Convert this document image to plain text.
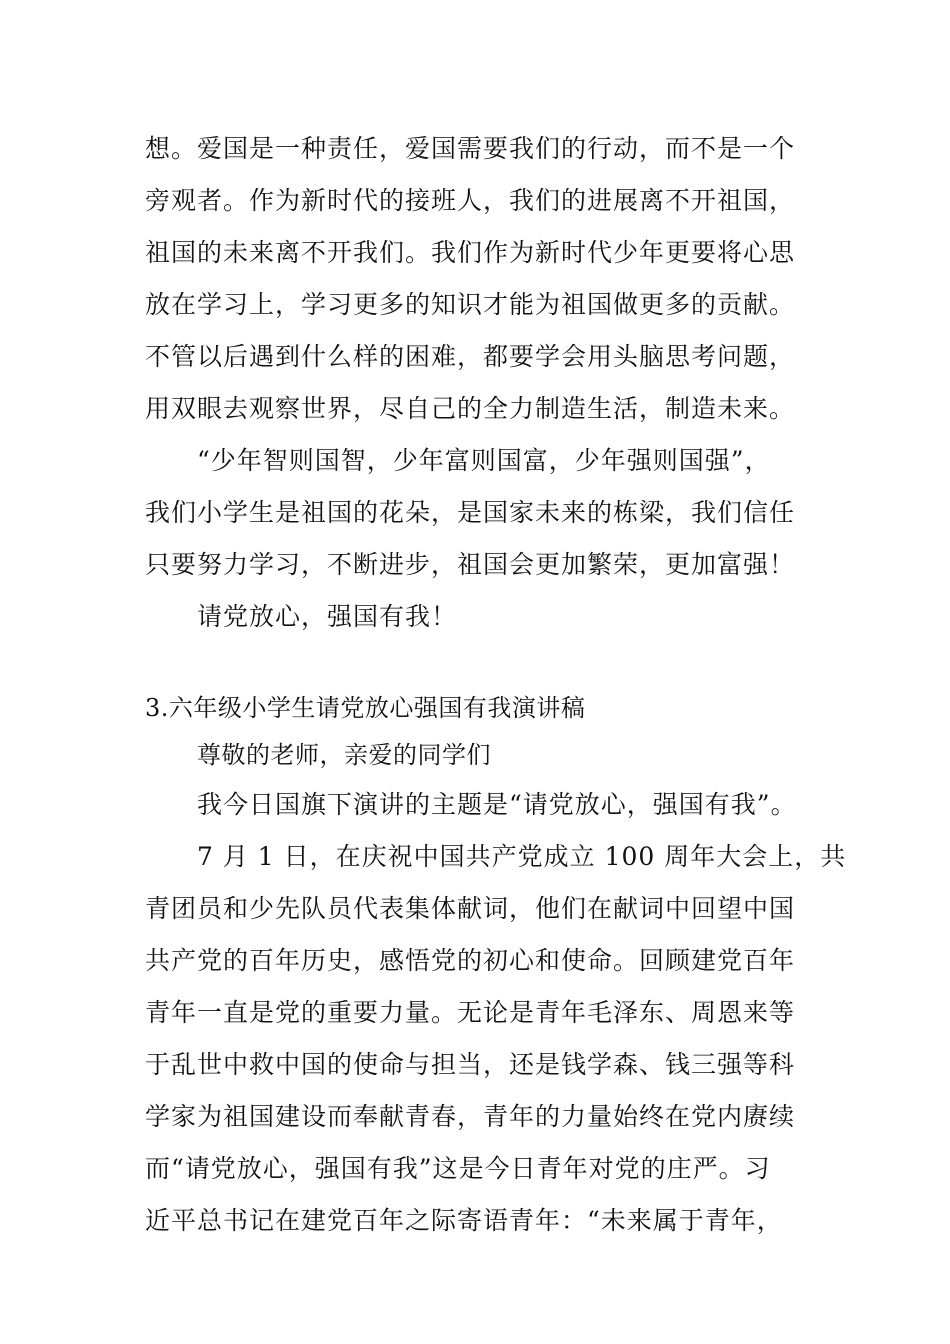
想。爱国是一种责任，爱国需要我们的行动，而不是一个
旁观者。作为新时代的接班人，我们的进展离不开祖国，
祖国的未来离不开我们。我们作为新时代少年更要将心思
放在学习上，学习更多的知识才能为祖国做更多的贡献。
不管以后遇到什么样的困难，都要学会用头脑思考问题，
用双眼去观察世界，尽自己的全力制造生活，制造未来。
“少年智则国智，少年富则国富，少年强则国强”，
我们小学生是祖国的花朵，是国家未来的栋梁，我们信任
只要努力学习，不断进步，祖国会更加繁荣，更加富强！
请党放心，强国有我！
3.六年级小学生请党放心强国有我演讲稿
尊敬的老师，亲爱的同学们
我今日国旗下演讲的主题是“请党放心，强国有我”。
7 月 1 日，在庆祝中国共产党成立 100 周年大会上，共
青团员和少先队员代表集体献词，他们在献词中回望中国
共产党的百年历史，感悟党的初心和使命。回顾建党百年
青年一直是党的重要力量。无论是青年毛泽东、周恩来等
于乱世中救中国的使命与担当，还是钱学森、钱三强等科
学家为祖国建设而奉献青春，青年的力量始终在党内赓续
而“请党放心，强国有我”这是今日青年对党的庄严。习
近平总书记在建党百年之际寄语青年：“未来属于青年，
